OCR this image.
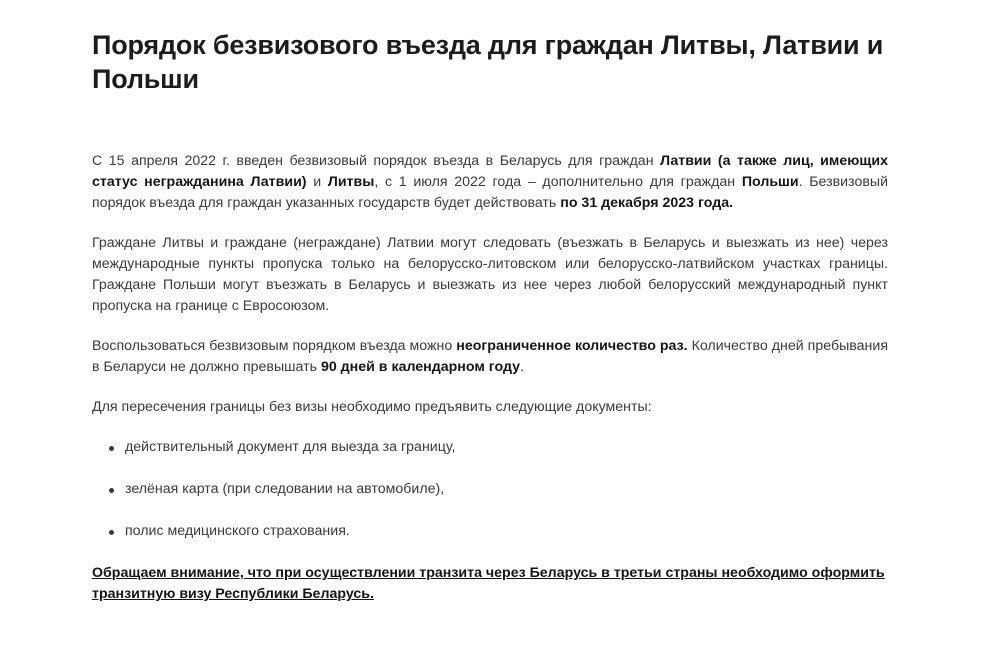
Порядок безвизового въезда для граждан Литвы, Латвии и Польши

С 15 апреля 2022 г. введен безвизовый порядок въезда в Беларусь для граждан Латвии (а также лиц, имеющих статус негражданина Латвии) и Литвы, с 1 июля 2022 года – дополнительно для граждан Польши. Безвизовый порядок въезда для граждан указанных государств будет действовать по 31 декабря 2023 года.

Граждане Литвы и граждане (неграждане) Латвии могут следовать (въезжать в Беларусь и выезжать из нее) через международные пункты пропуска только на белорусско-литовском или белорусско-латвийском участках границы. Граждане Польши могут въезжать в Беларусь и выезжать из нее через любой белорусский международный пункт пропуска на границе с Евросоюзом.

Воспользоваться безвизовым порядком въезда можно неограниченное количество раз. Количество дней пребывания в Беларуси не должно превышать 90 дней в календарном году.

Для пересечения границы без визы необходимо предъявить следующие документы:

действительный документ для выезда за границу,
зелёная карта (при следовании на автомобиле),
полис медицинского страхования.

Обращаем внимание, что при осуществлении транзита через Беларусь в третьи страны необходимо оформить транзитную визу Республики Беларусь.
